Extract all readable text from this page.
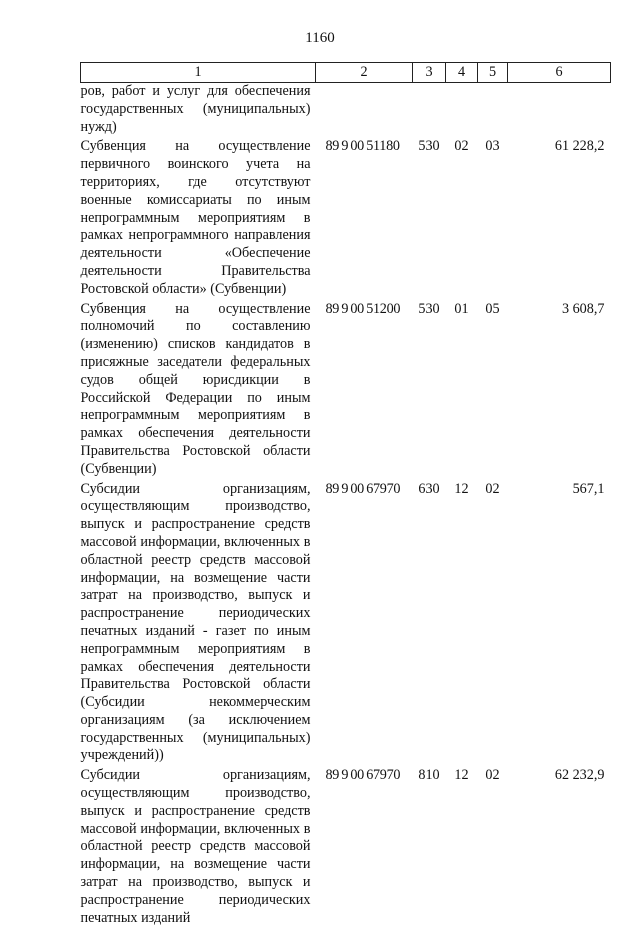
1160
1	2	3	4	5	6
ров, работ и услуг для обеспечения государственных (муниципальных) нужд)					

Субвенция на осуществление первичного воинского учета на территориях, где отсутствуют военные комиссариаты по иным непрограммным мероприятиям в рамках непрограммного направления деятельности «Обеспечение деятельности Правительства Ростовской области» (Субвенции)	89 9 00 51180	530	02	03	61 228,2

Субвенция на осуществление полномочий по составлению (изменению) списков кандидатов в присяжные заседатели федеральных судов общей юрисдикции в Российской Федерации по иным непрограммным мероприятиям в рамках обеспечения деятельности Правительства Ростовской области (Субвенции)	89 9 00 51200	530	01	05	3 608,7

Субсидии организациям, осуществляющим производство, выпуск и распространение средств массовой информации, включенных в областной реестр средств массовой информации, на возмещение части затрат на производство, выпуск и распространение периодических печатных изданий - газет по иным непрограммным мероприятиям в рамках обеспечения деятельности Правительства Ростовской области (Субсидии некоммерческим организациям (за исключением государственных (муниципальных) учреждений))	89 9 00 67970	630	12	02	567,1

Субсидии организациям, осуществляющим производство, выпуск и распространение средств массовой информации, включенных в областной реестр средств массовой информации, на возмещение части затрат на производство, выпуск и распространение периодических печатных изданий	89 9 00 67970	810	12	02	62 232,9
